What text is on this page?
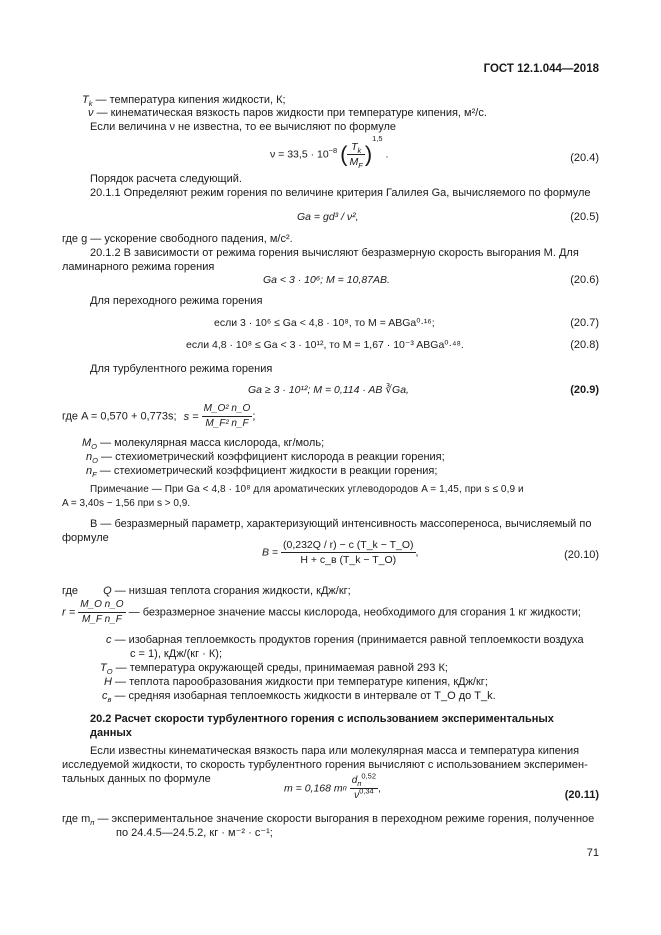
ГОСТ 12.1.044—2018
$T_k$ — температура кипения жидкости, К;
ν — кинематическая вязкость паров жидкости при температуре кипения, м²/с.
Если величина ν не известна, то ее вычисляют по формуле
$\nu = 33,5 \cdot 10^{-8}$ ( $\frac{T_k}{M_F} )^{1,5}$ .	(20.4)
Порядок расчета следующий.
20.1.1 Определяют режим горения по величине критерия Галилея Ga, вычисляемого по формуле
Ga = gd³ / ν²,	(20.5)
где g — ускорение свободного падения, м/с².
20.1.2 В зависимости от режима горения вычисляют безразмерную скорость выгорания M. Для
ламинарного режима горения
Ga < 3 · 10⁶; M = 10,87AB.	(20.6)
Для переходного режима горения
если 3 · 10⁶ ≤ Ga < 4,8 · 10⁸, то M = ABGa⁰·¹⁶;	(20.7)
если 4,8 · 10⁸ ≤ Ga < 3 · 10¹², то M = 1,67 · 10⁻³ ABGa⁰·⁴⁸.	(20.8)
Для турбулентного режима горения
Ga ≥ 3 · 10¹²; M = 0,114 · AB ∛Ga,	(20.9)
где A = 0,570 + 0,773s; $s = \frac{\text{M\_O² n\_O}}{\text{M\_F² n\_F}}$ ;
$M_O$ — молекулярная масса кислорода, кг/моль;
$n_O$ — стехиометрический коэффициент кислорода в реакции горения;
$n_F$ — стехиометрический коэффициент жидкости в реакции горения;
Примечание — При Ga < 4,8 · 10⁸ для ароматических углеводородов A = 1,45, при s ≤ 0,9 и
A = 3,40s − 1,56 при s > 0,9.
B — безразмерный параметр, характеризующий интенсивность массопереноса, вычисляемый по
формуле
$B = \frac{(0,232Q / r) - c (T\_k - T\_O)}{H + c\_в (T\_k - T\_O)}$ ,	(20.10)
где Q — низшая теплота сгорания жидкости, кДж/кг;
$r = \frac{\text{M\_O n\_O}}{\text{M\_F n\_F}}$ — безразмерное значение массы кислорода, необходимого для сгорания 1 кг жидкости;
c — изобарная теплоемкость продуктов горения (принимается равной теплоемкости воздуха
c = 1), кДж/(кг · К);
$T_O$ — температура окружающей среды, принимаемая равной 293 К;
H — теплота парообразования жидкости при температуре кипения, кДж/кг;
$c_в$ — средняя изобарная теплоемкость жидкости в интервале от T_O до T_k.
20.2 Расчет скорости турбулентного горения с использованием экспериментальных
данных
Если известны кинематическая вязкость пара или молекулярная масса и температура кипения
исследуемой жидкости, то скорость турбулентного горения вычисляют с использованием эксперимен-
тальных данных по формуле
m = 0,168 mп $\frac{d_п^{0,52}}{\nu^{0,34}}$ ,
(20.11)
где $m_п$ — экспериментальное значение скорости выгорания в переходном режиме горения, полученное
по 24.4.5—24.5.2, кг · м⁻² · с⁻¹;
71
